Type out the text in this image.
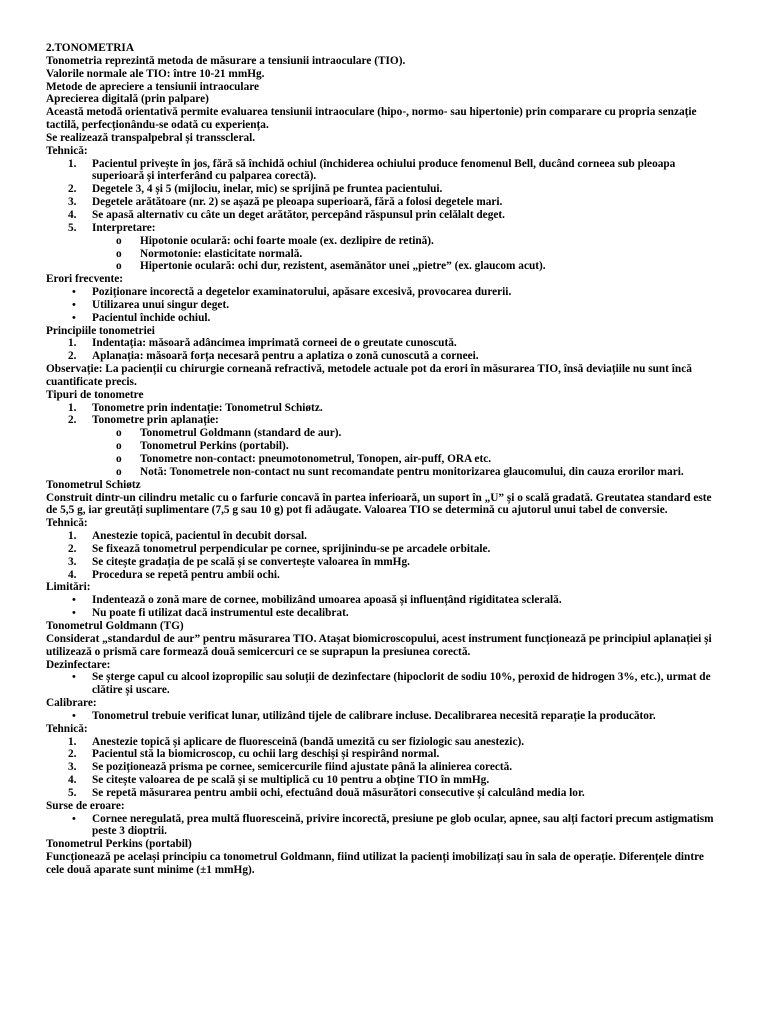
2.TONOMETRIA
Tonometria reprezintă metoda de măsurare a tensiunii intraoculare (TIO).
Valorile normale ale TIO: între 10-21 mmHg.
Metode de apreciere a tensiunii intraoculare
Aprecierea digitală (prin palpare)
Această metodă orientativă permite evaluarea tensiunii intraoculare (hipo-, normo- sau hipertonie) prin comparare cu propria senzație tactilă, perfecționându-se odată cu experiența.
Se realizează transpalpebral și transscleral.
Tehnică:
1.	Pacientul privește în jos, fără să închidă ochiul (închiderea ochiului produce fenomenul Bell, ducând corneea sub pleoapa superioară și interferând cu palparea corectă).
2.	Degetele 3, 4 și 5 (mijlociu, inelar, mic) se sprijină pe fruntea pacientului.
3.	Degetele arătătoare (nr. 2) se așază pe pleoapa superioară, fără a folosi degetele mari.
4.	Se apasă alternativ cu câte un deget arătător, percepând răspunsul prin celălalt deget.
5.	Interpretare:
o	Hipotonie oculară: ochi foarte moale (ex. dezlipire de retină).
o	Normotonie: elasticitate normală.
o	Hipertonie oculară: ochi dur, rezistent, asemănător unei „pietre” (ex. glaucom acut).
Erori frecvente:
•	Poziționare incorectă a degetelor examinatorului, apăsare excesivă, provocarea durerii.
•	Utilizarea unui singur deget.
•	Pacientul închide ochiul.
Principiile tonometriei
1.	Indentația: măsoară adâncimea imprimată corneei de o greutate cunoscută.
2.	Aplanația: măsoară forța necesară pentru a aplatiza o zonă cunoscută a corneei.
Observație: La pacienții cu chirurgie corneană refractivă, metodele actuale pot da erori în măsurarea TIO, însă deviațiile nu sunt încă cuantificate precis.
Tipuri de tonometre
1.	Tonometre prin indentație: Tonometrul Schiøtz.
2.	Tonometre prin aplanație:
o	Tonometrul Goldmann (standard de aur).
o	Tonometrul Perkins (portabil).
o	Tonometre non-contact: pneumotonometrul, Tonopen, air-puff, ORA etc.
o	Notă: Tonometrele non-contact nu sunt recomandate pentru monitorizarea glaucomului, din cauza erorilor mari.
Tonometrul Schiøtz
Construit dintr-un cilindru metalic cu o farfurie concavă în partea inferioară, un suport în „U” și o scală gradată. Greutatea standard este de 5,5 g, iar greutăți suplimentare (7,5 g sau 10 g) pot fi adăugate. Valoarea TIO se determină cu ajutorul unui tabel de conversie.
Tehnică:
1.	Anestezie topică, pacientul în decubit dorsal.
2.	Se fixează tonometrul perpendicular pe cornee, sprijinindu-se pe arcadele orbitale.
3.	Se citește gradația de pe scală și se convertește valoarea în mmHg.
4.	Procedura se repetă pentru ambii ochi.
Limitări:
•	Indentează o zonă mare de cornee, mobilizând umoarea apoasă și influențând rigiditatea sclerală.
•	Nu poate fi utilizat dacă instrumentul este decalibrat.
Tonometrul Goldmann (TG)
Considerat „standardul de aur” pentru măsurarea TIO. Atașat biomicroscopului, acest instrument funcționează pe principiul aplanației și utilizează o prismă care formează două semicercuri ce se suprapun la presiunea corectă.
Dezinfectare:
•	Se șterge capul cu alcool izopropilic sau soluții de dezinfectare (hipoclorit de sodiu 10%, peroxid de hidrogen 3%, etc.), urmat de clătire și uscare.
Calibrare:
•	Tonometrul trebuie verificat lunar, utilizând tijele de calibrare incluse. Decalibrarea necesită reparație la producător.
Tehnică:
1.	Anestezie topică și aplicare de fluoresceină (bandă umezită cu ser fiziologic sau anestezic).
2.	Pacientul stă la biomicroscop, cu ochii larg deschiși și respirând normal.
3.	Se poziționează prisma pe cornee, semicercurile fiind ajustate până la alinierea corectă.
4.	Se citește valoarea de pe scală și se multiplică cu 10 pentru a obține TIO în mmHg.
5.	Se repetă măsurarea pentru ambii ochi, efectuând două măsurători consecutive și calculând media lor.
Surse de eroare:
•	Cornee neregulată, prea multă fluoresceină, privire incorectă, presiune pe glob ocular, apnee, sau alți factori precum astigmatism peste 3 dioptrii.
Tonometrul Perkins (portabil)
Funcționează pe același principiu ca tonometrul Goldmann, fiind utilizat la pacienți imobilizați sau în sala de operație. Diferențele dintre cele două aparate sunt minime (±1 mmHg).
